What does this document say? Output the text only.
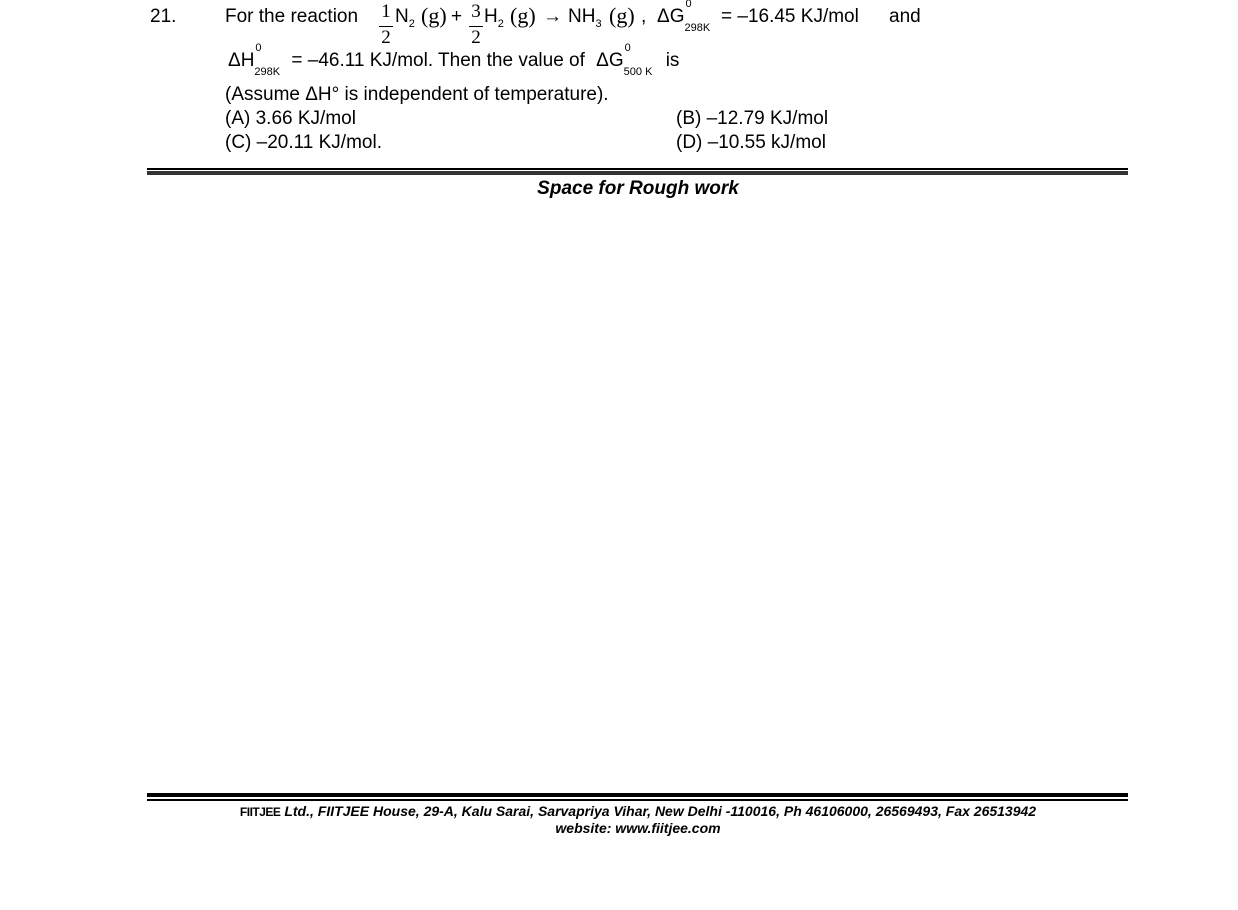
21.	For the reaction 1
2
$N_2$ (g) + 3
2
$H_2$ $(g) \to NH_3$ (g) , ΔG
0
$_{298K}$
= –16.45 KJ/mol and
ΔH
0
$_{298K}$ = –46.11 KJ/mol. Then the value of ΔG
0
$_{500 K}$ is
(Assume ΔH° is independent of temperature).
(A) 3.66 KJ/mol	(B) –12.79 KJ/mol
(C) –20.11 KJ/mol.	(D) –10.55 kJ/mol
Space for Rough work
FIITJEE Ltd., FIITJEE House, 29-A, Kalu Sarai, Sarvapriya Vihar, New Delhi -110016, Ph 46106000, 26569493, Fax 26513942
website: www.fiitjee.com
